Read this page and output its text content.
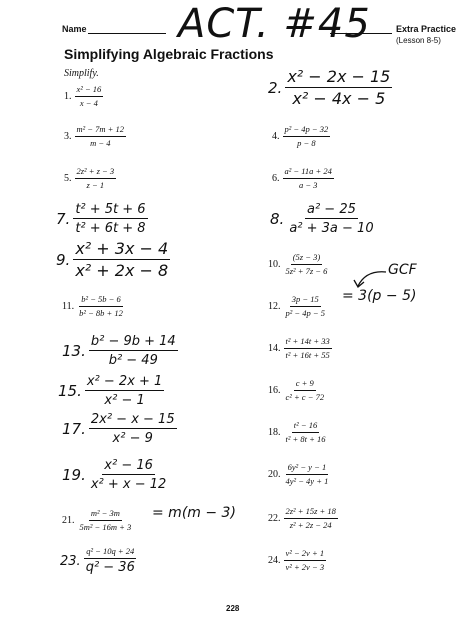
Name ACT. #45	Extra Practice
(Lesson 8-5)
Simplifying Algebraic Fractions
Simplify.
1. $\frac{\text{x² − 16}}{x - 4}$
3. $\frac{\text{m² − 7m + 12}}{m - 4}$
5. $\frac{\text{2z² + z − 3}}{z - 1}$
7. $\frac{\text{t² + 5t + 6}}{\text{t² + 6t + 8}}$
9. $\frac{\text{x² + 3x − 4}}{\text{x² + 2x − 8}}$
11. $\frac{\text{b² − 5b − 6}}{\text{b² − 8b + 12}}$
13. $\frac{\text{b² − 9b + 14}}{\text{b² − 49}}$
15. $\frac{\text{x² − 2x + 1}}{\text{x² − 1}}$
17. $\frac{\text{2x² − x − 15}}{\text{x² − 9}}$
19. $\frac{\text{x² − 16}}{\text{x² + x − 12}}$
21. $\frac{\text{m² − 3m}}{\text{5m² − 16m + 3}} = m(m - 3)$
23. $\frac{\text{q² − 10q + 24}}{\text{q² − 36}}$
2. $\frac{\text{x² − 2x − 15}}{\text{x² − 4x − 5}}$
4. $\frac{\text{p² − 4p − 32}}{p - 8}$
6. $\frac{\text{a² − 11a + 24}}{a - 3}$
8. $\frac{\text{a² − 25}}{\text{a² + 3a − 10}}$
10. $\frac{(5z - 3)}{\text{5z² + 7z − 6}}$
12. $\frac{3p - 15}{\text{p² − 4p − 5}} = 3(p - 5)$
GCF
14. $\frac{\text{t² + 14t + 33}}{\text{t² + 16t + 55}}$
16. $\frac{c + 9}{\text{c² + c − 72}}$
18. $\frac{\text{t² − 16}}{\text{t² + 8t + 16}}$
20. $\frac{\text{6y² − y − 1}}{\text{4y² − 4y + 1}}$
22. $\frac{\text{2z² + 15z + 18}}{\text{z² + 2z − 24}}$
24. $\frac{\text{v² − 2v + 1}}{\text{v² + 2v − 3}}$
228
